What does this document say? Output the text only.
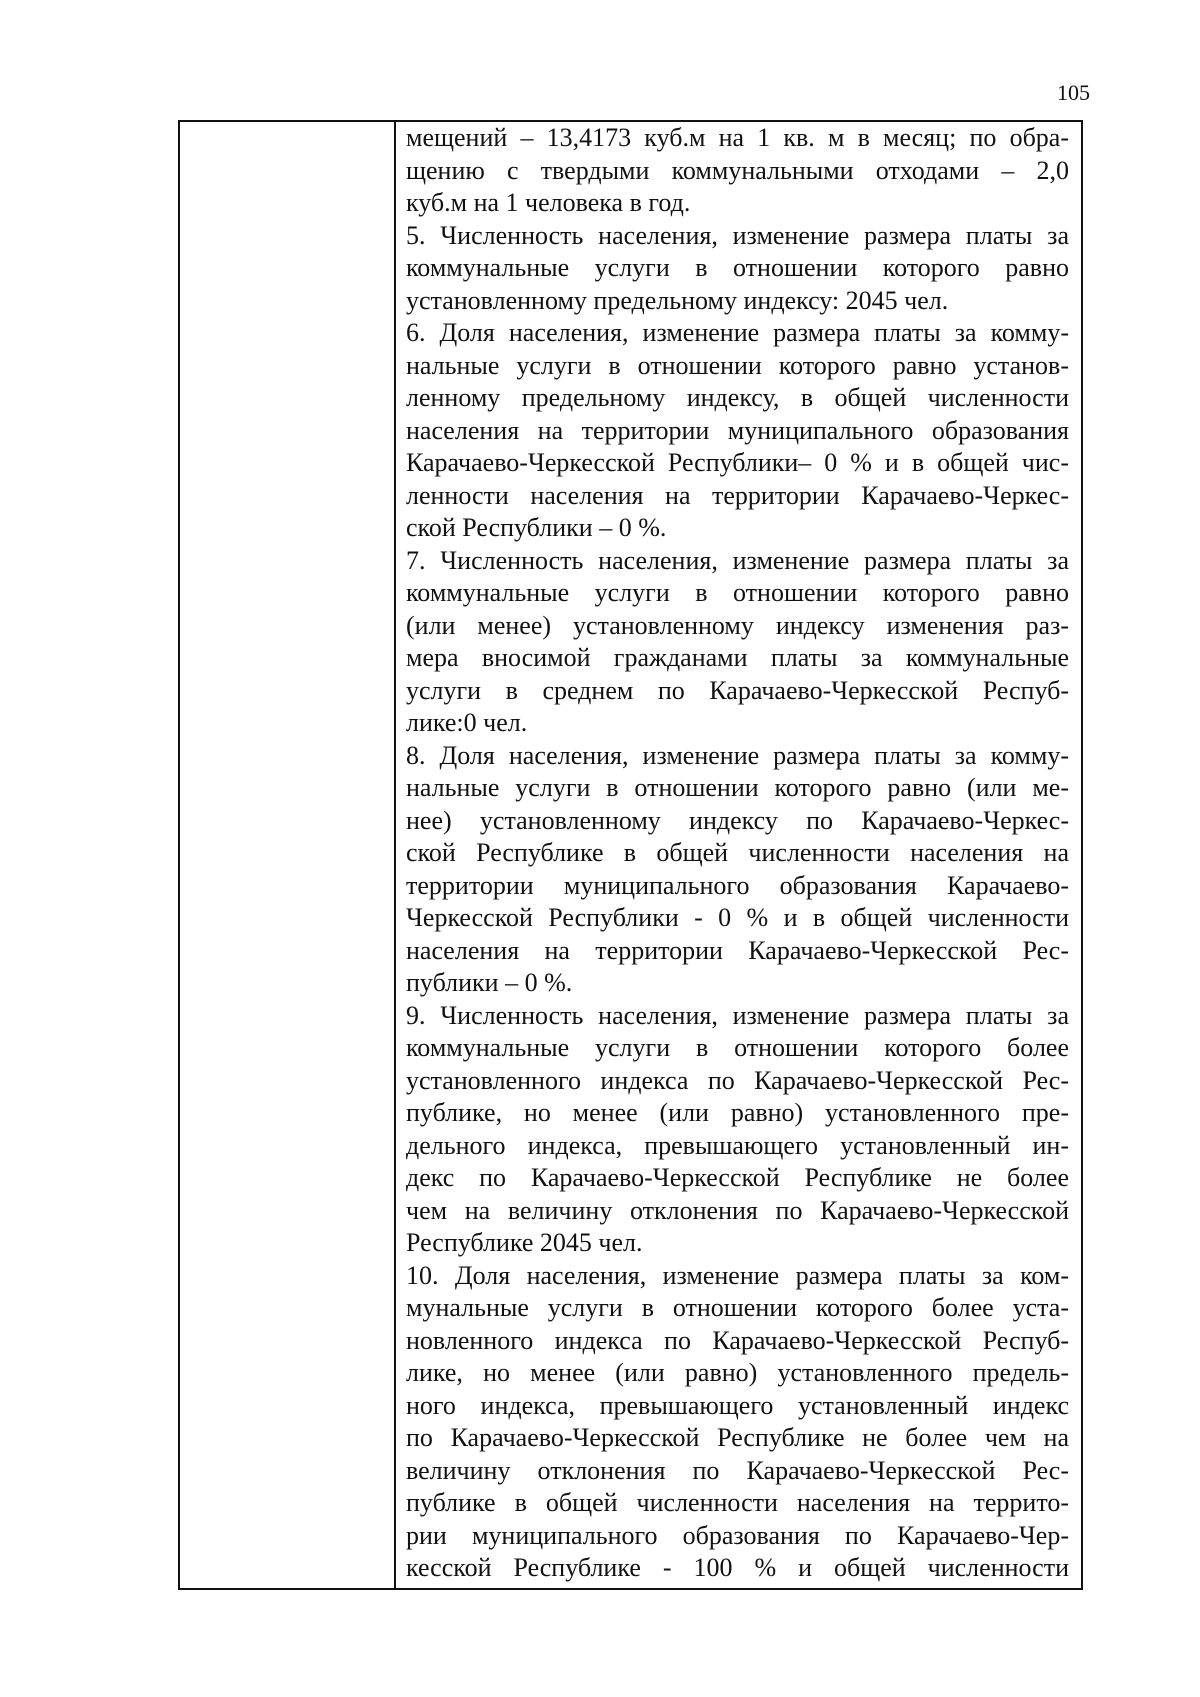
105
мещений – 13,4173 куб.м на 1 кв. м в месяц; по обра-
щению с твердыми коммунальными отходами – 2,0
куб.м на 1 человека в год.
5. Численность населения, изменение размера платы за
коммунальные услуги в отношении которого равно
установленному предельному индексу: 2045 чел.
6. Доля населения, изменение размера платы за комму-
нальные услуги в отношении которого равно установ-
ленному предельному индексу, в общей численности
населения на территории муниципального образования
Карачаево-Черкесской Республики– 0 % и в общей чис-
ленности населения на территории Карачаево-Черкес-
ской Республики – 0 %.
7. Численность населения, изменение размера платы за
коммунальные услуги в отношении которого равно
(или менее) установленному индексу изменения раз-
мера вносимой гражданами платы за коммунальные
услуги в среднем по Карачаево-Черкесской Респуб-
лике:0 чел.
8. Доля населения, изменение размера платы за комму-
нальные услуги в отношении которого равно (или ме-
нее) установленному индексу по Карачаево-Черкес-
ской Республике в общей численности населения на
территории муниципального образования Карачаево-
Черкесской Республики - 0 % и в общей численности
населения на территории Карачаево-Черкесской Рес-
публики – 0 %.
9. Численность населения, изменение размера платы за
коммунальные услуги в отношении которого более
установленного индекса по Карачаево-Черкесской Рес-
публике, но менее (или равно) установленного пре-
дельного индекса, превышающего установленный ин-
декс по Карачаево-Черкесской Республике не более
чем на величину отклонения по Карачаево-Черкесской
Республике 2045 чел.
10. Доля населения, изменение размера платы за ком-
мунальные услуги в отношении которого более уста-
новленного индекса по Карачаево-Черкесской Респуб-
лике, но менее (или равно) установленного предель-
ного индекса, превышающего установленный индекс
по Карачаево-Черкесской Республике не более чем на
величину отклонения по Карачаево-Черкесской Рес-
публике в общей численности населения на террито-
рии муниципального образования по Карачаево-Чер-
кесской Республике - 100 % и общей численности
